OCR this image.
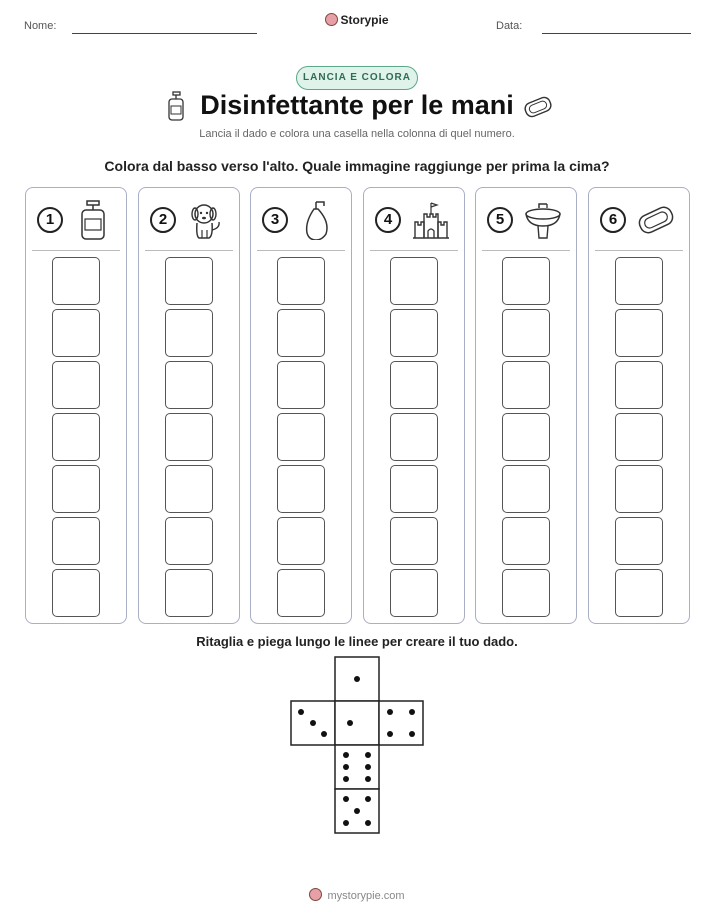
Nome:	Storypie	Data:
LANCIA E COLORA
Disinfettante per le mani
Lancia il dado e colora una casella nella colonna di quel numero.
Colora dal basso verso l'alto. Quale immagine raggiunge per prima la cima?
1	2	3	4	5	6
Ritaglia e piega lungo le linee per creare il tuo dado.
mystorypie.com
